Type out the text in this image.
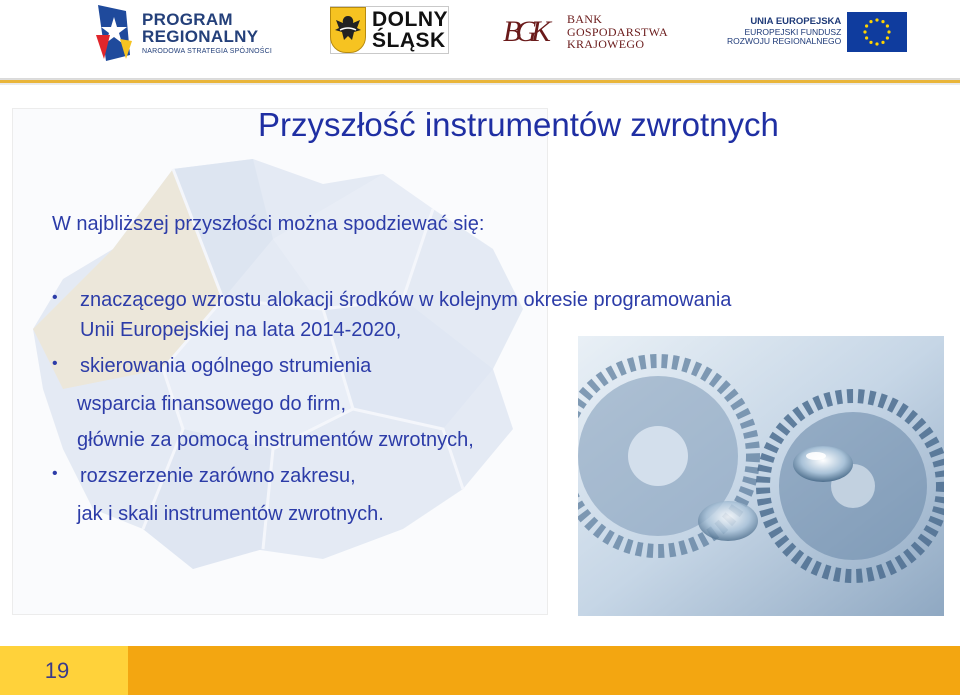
PROGRAM
REGIONALNY
NARODOWA STRATEGIA SPÓJNOŚCI
DOLNY
ŚLĄSK BGK	BANK
GOSPODARSTWA
KRAJOWEGO
UNIA EUROPEJSKA
EUROPEJSKI FUNDUSZ
ROZWOJU REGIONALNEGO
Przyszłość instrumentów zwrotnych
W najbliższej przyszłości można spodziewać się:
• znaczącego wzrostu alokacji środków w kolejnym okresie programowania
Unii Europejskiej na lata 2014-2020,
• skierowania ogólnego strumienia
wsparcia finansowego do firm,
głównie za pomocą instrumentów zwrotnych,
• rozszerzenie zarówno zakresu,
jak i skali instrumentów zwrotnych.
19
